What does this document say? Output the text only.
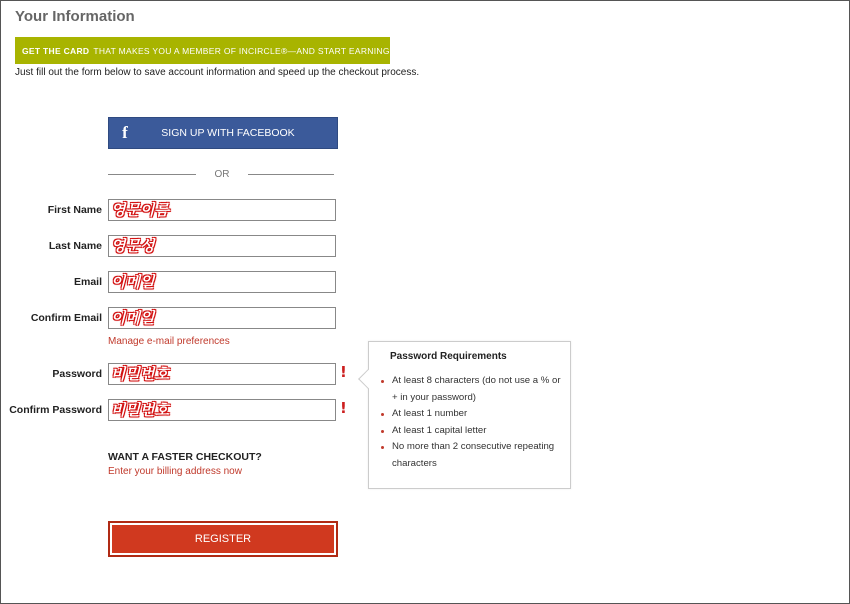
Your Information
GET THE CARD THAT MAKES YOU A MEMBER OF INCIRCLE®—AND START EARNING POINTS ▸

Just fill out the form below to save account information and speed up the checkout process.

f	SIGN UP WITH FACEBOOK
OR
First Name 영문이름
Last Name 영문성
Email 이메일
Confirm Email 이메일
Manage e-mail preferences
Password 비밀번호	!
Confirm Password 비밀번호	!
Password Requirements
At least 8 characters (do not use a % or + in your password)
At least 1 number
At least 1 capital letter
No more than 2 consecutive repeating characters
WANT A FASTER CHECKOUT?
Enter your billing address now
REGISTER
